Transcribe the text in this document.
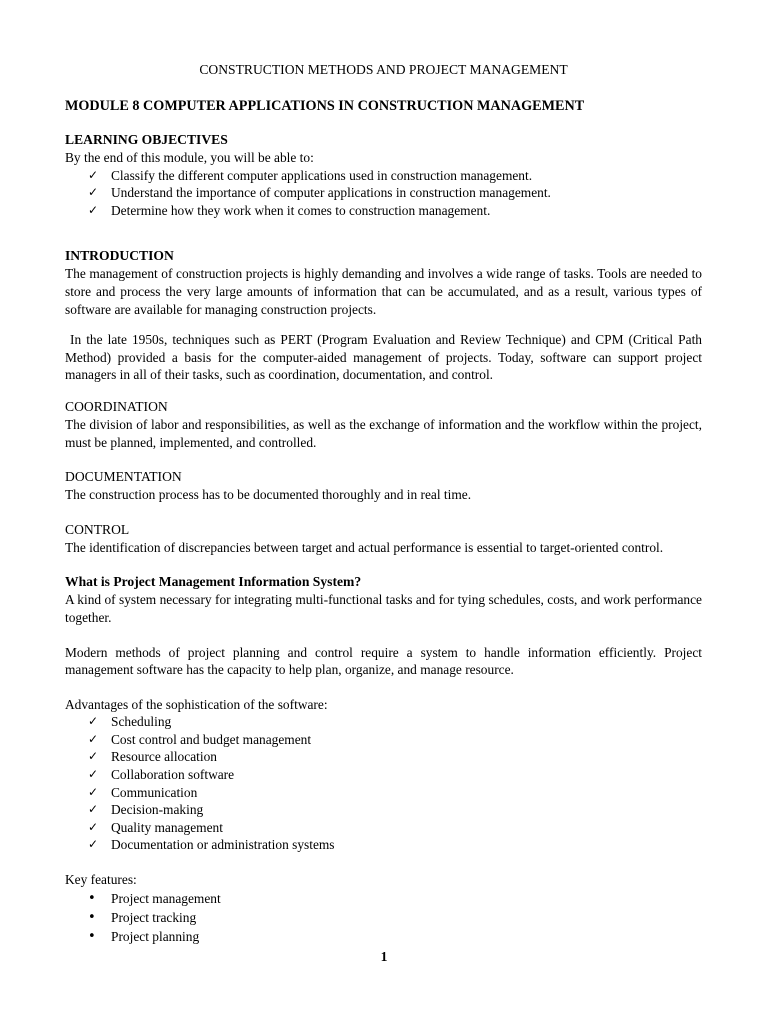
CONSTRUCTION METHODS AND PROJECT MANAGEMENT
MODULE 8 COMPUTER APPLICATIONS IN CONSTRUCTION MANAGEMENT
LEARNING OBJECTIVES

By the end of this module, you will be able to:

✓ Classify the different computer applications used in construction management.
✓ Understand the importance of computer applications in construction management.
✓ Determine how they work when it comes to construction management.
INTRODUCTION

The management of construction projects is highly demanding and involves a wide range of tasks. Tools are needed to store and process the very large amounts of information that can be accumulated, and as a result, various types of software are available for managing construction projects.

In the late 1950s, techniques such as PERT (Program Evaluation and Review Technique) and CPM (Critical Path Method) provided a basis for the computer-aided management of projects. Today, software can support project managers in all of their tasks, such as coordination, documentation, and control.

COORDINATION

The division of labor and responsibilities, as well as the exchange of information and the workflow within the project, must be planned, implemented, and controlled.

DOCUMENTATION

The construction process has to be documented thoroughly and in real time.

CONTROL

The identification of discrepancies between target and actual performance is essential to target-oriented control.

What is Project Management Information System?

A kind of system necessary for integrating multi-functional tasks and for tying schedules, costs, and work performance together.

Modern methods of project planning and control require a system to handle information efficiently. Project management software has the capacity to help plan, organize, and manage resource.

Advantages of the sophistication of the software:

✓ Scheduling
✓ Cost control and budget management
✓ Resource allocation
✓ Collaboration software
✓ Communication
✓ Decision-making
✓ Quality management
✓ Documentation or administration systems

Key features:

•	Project management
•	Project tracking
•	Project planning
1
